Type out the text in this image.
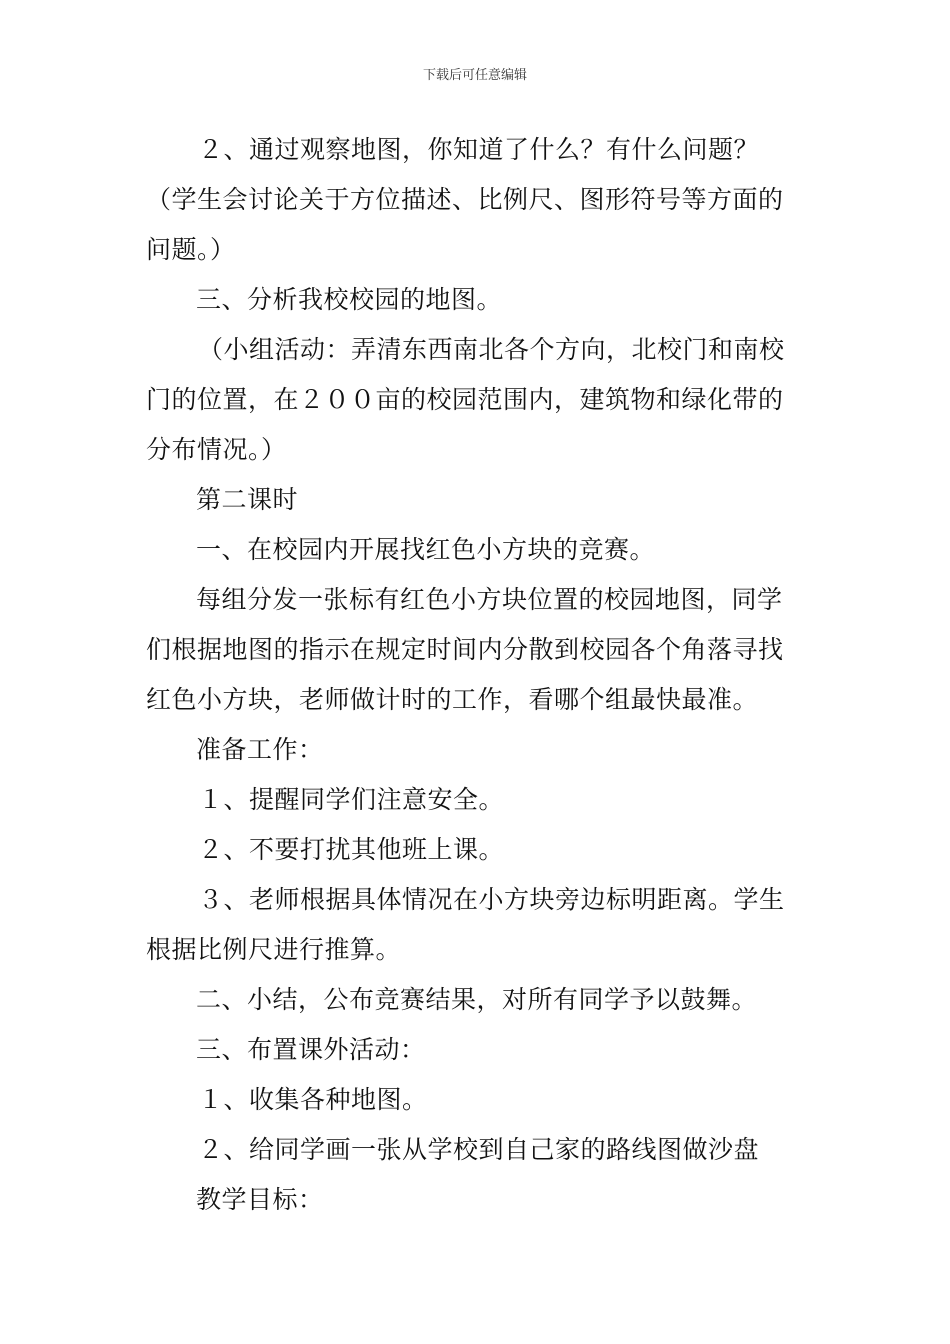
下载后可任意编辑
２、通过观察地图，你知道了什么？有什么问题？
（学生会讨论关于方位描述、比例尺、图形符号等方面的
问题。）
三、分析我校校园的地图。
（小组活动：弄清东西南北各个方向，北校门和南校
门的位置，在２００亩的校园范围内，建筑物和绿化带的
分布情况。）
第二课时
一、在校园内开展找红色小方块的竞赛。
每组分发一张标有红色小方块位置的校园地图，同学
们根据地图的指示在规定时间内分散到校园各个角落寻找
红色小方块，老师做计时的工作，看哪个组最快最准。
准备工作：
１、提醒同学们注意安全。
２、不要打扰其他班上课。
３、老师根据具体情况在小方块旁边标明距离。学生
根据比例尺进行推算。
二、小结，公布竞赛结果，对所有同学予以鼓舞。
三、布置课外活动：
１、收集各种地图。
２、给同学画一张从学校到自己家的路线图做沙盘
教学目标：
